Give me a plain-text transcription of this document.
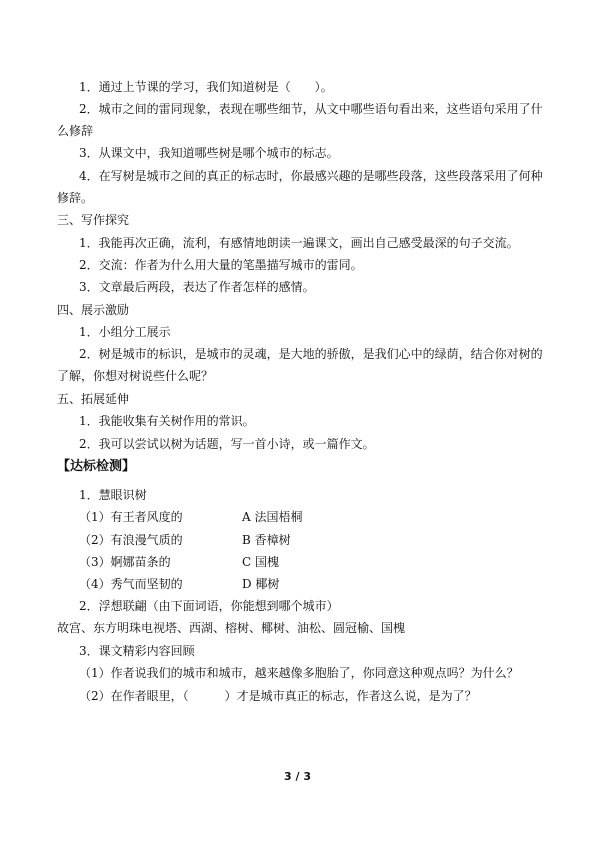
1．通过上节课的学习，我们知道树是（　　）。
2．城市之间的雷同现象，表现在哪些细节，从文中哪些语句看出来，这些语句采用了什
么修辞
3．从课文中，我知道哪些树是哪个城市的标志。
4．在写树是城市之间的真正的标志时，你最感兴趣的是哪些段落，这些段落采用了何种
修辞。
三、写作探究
1．我能再次正确，流利，有感情地朗读一遍课文，画出自己感受最深的句子交流。
2．交流：作者为什么用大量的笔墨描写城市的雷同。
3．文章最后两段，表达了作者怎样的感情。
四、展示激励
1．小组分工展示
2．树是城市的标识，是城市的灵魂，是大地的骄傲，是我们心中的绿荫，结合你对树的
了解，你想对树说些什么呢？
五、拓展延伸
1．我能收集有关树作用的常识。
2．我可以尝试以树为话题，写一首小诗，或一篇作文。
【达标检测】
1．慧眼识树
（1）有王者风度的	A 法国梧桐
（2）有浪漫气质的	B 香樟树
（3）婀娜苗条的	C 国槐
（4）秀气而坚韧的	D 椰树
2．浮想联翩（由下面词语，你能想到哪个城市）
故宫、东方明珠电视塔、西湖、榕树、椰树、油松、圆冠榆、国槐
3．课文精彩内容回顾
（1）作者说我们的城市和城市，越来越像多胞胎了，你同意这种观点吗？为什么？
（2）在作者眼里，（　　　）才是城市真正的标志，作者这么说，是为了？
3 / 3
